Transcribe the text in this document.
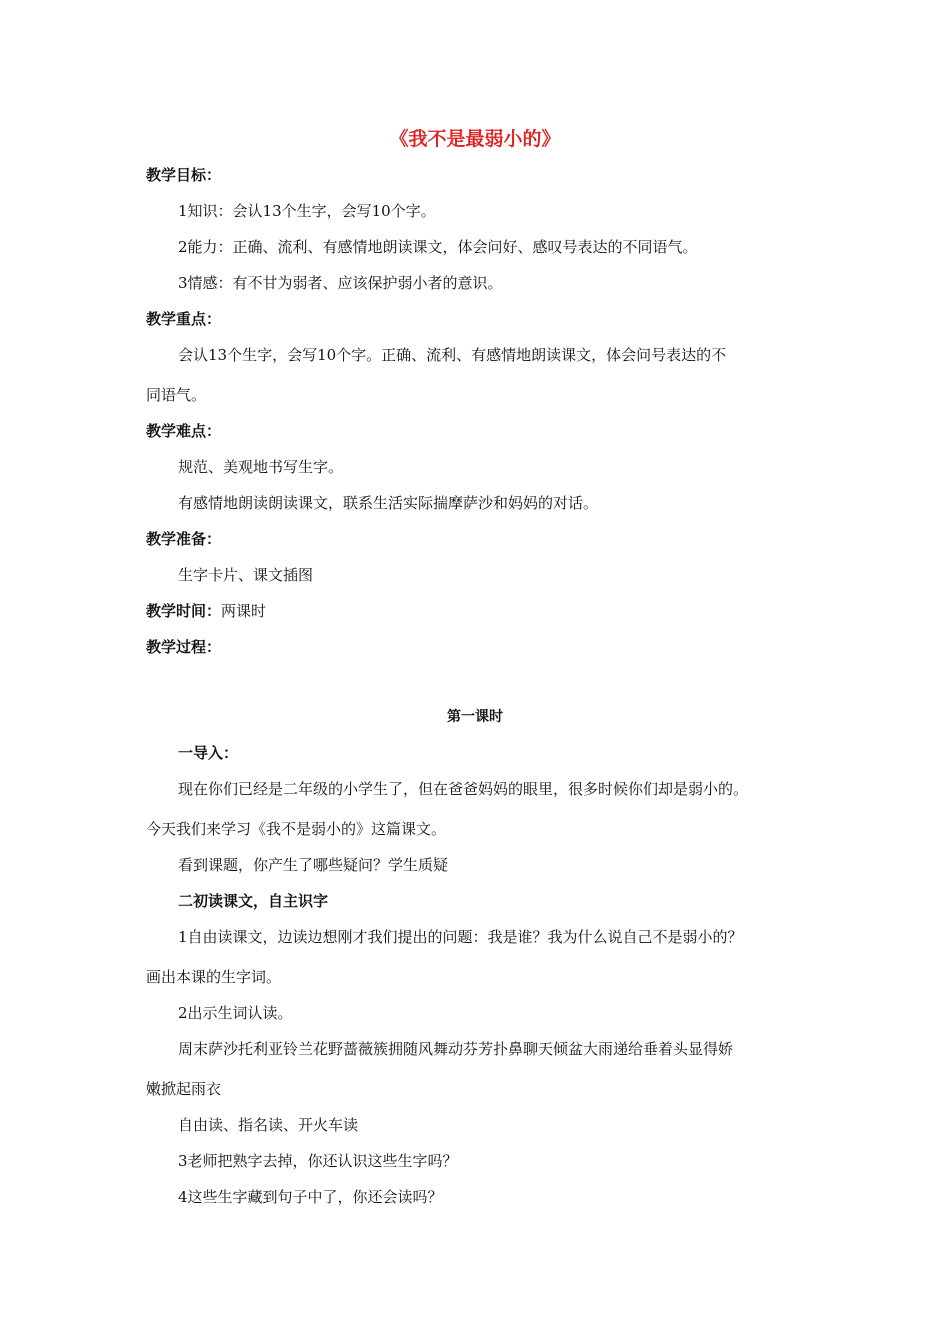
《我不是最弱小的》
教学目标：
1知识：会认13个生字，会写10个字。
2能力：正确、流利、有感情地朗读课文，体会问好、感叹号表达的不同语气。
3情感：有不甘为弱者、应该保护弱小者的意识。
教学重点：
会认13个生字，会写10个字。正确、流利、有感情地朗读课文，体会问号表达的不
同语气。
教学难点：
规范、美观地书写生字。
有感情地朗读朗读课文，联系生活实际揣摩萨沙和妈妈的对话。
教学准备：
生字卡片、课文插图
教学时间：两课时
教学过程：
第一课时
一导入：
现在你们已经是二年级的小学生了，但在爸爸妈妈的眼里，很多时候你们却是弱小的。
今天我们来学习《我不是弱小的》这篇课文。
看到课题，你产生了哪些疑问？学生质疑
二初读课文，自主识字
1自由读课文，边读边想刚才我们提出的问题：我是谁？我为什么说自己不是弱小的？
画出本课的生字词。
2出示生词认读。
周末萨沙托利亚铃兰花野蔷薇簇拥随风舞动芬芳扑鼻聊天倾盆大雨递给垂着头显得娇
嫩掀起雨衣
自由读、指名读、开火车读
3老师把熟字去掉，你还认识这些生字吗？
4这些生字藏到句子中了，你还会读吗？
